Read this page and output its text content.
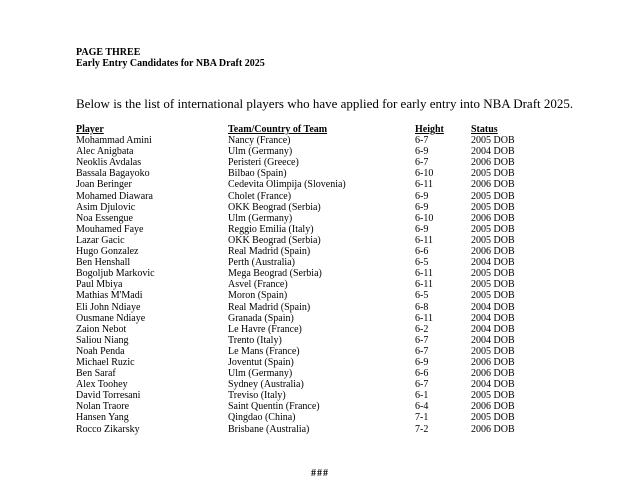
PAGE THREE
Early Entry Candidates for NBA Draft 2025
Below is the list of international players who have applied for early entry into NBA Draft 2025.
Player	Team/Country of Team	Height	Status
Mohammad Amini	Nancy (France)	6-7	2005 DOB
Alec Anigbata	Ulm (Germany)	6-9	2004 DOB
Neoklis Avdalas	Peristeri (Greece)	6-7	2006 DOB
Bassala Bagayoko	Bilbao (Spain)	6-10	2005 DOB
Joan Beringer	Cedevita Olimpija (Slovenia)	6-11	2006 DOB
Mohamed Diawara	Cholet (France)	6-9	2005 DOB
Asim Djulovic	OKK Beograd (Serbia)	6-9	2005 DOB
Noa Essengue	Ulm (Germany)	6-10	2006 DOB
Mouhamed Faye	Reggio Emilia (Italy)	6-9	2005 DOB
Lazar Gacic	OKK Beograd (Serbia)	6-11	2005 DOB
Hugo Gonzalez	Real Madrid (Spain)	6-6	2006 DOB
Ben Henshall	Perth (Australia)	6-5	2004 DOB
Bogoljub Markovic	Mega Beograd (Serbia)	6-11	2005 DOB
Paul Mbiya	Asvel (France)	6-11	2005 DOB
Mathias M'Madi	Moron (Spain)	6-5	2005 DOB
Eli John Ndiaye	Real Madrid (Spain)	6-8	2004 DOB
Ousmane Ndiaye	Granada (Spain)	6-11	2004 DOB
Zaion Nebot	Le Havre (France)	6-2	2004 DOB
Saliou Niang	Trento (Italy)	6-7	2004 DOB
Noah Penda	Le Mans (France)	6-7	2005 DOB
Michael Ruzic	Joventut (Spain)	6-9	2006 DOB
Ben Saraf	Ulm (Germany)	6-6	2006 DOB
Alex Toohey	Sydney (Australia)	6-7	2004 DOB
David Torresani	Treviso (Italy)	6-1	2005 DOB
Nolan Traore	Saint Quentin (France)	6-4	2006 DOB
Hansen Yang	Qingdao (China)	7-1	2005 DOB
Rocco Zikarsky	Brisbane (Australia)	7-2	2006 DOB
###
